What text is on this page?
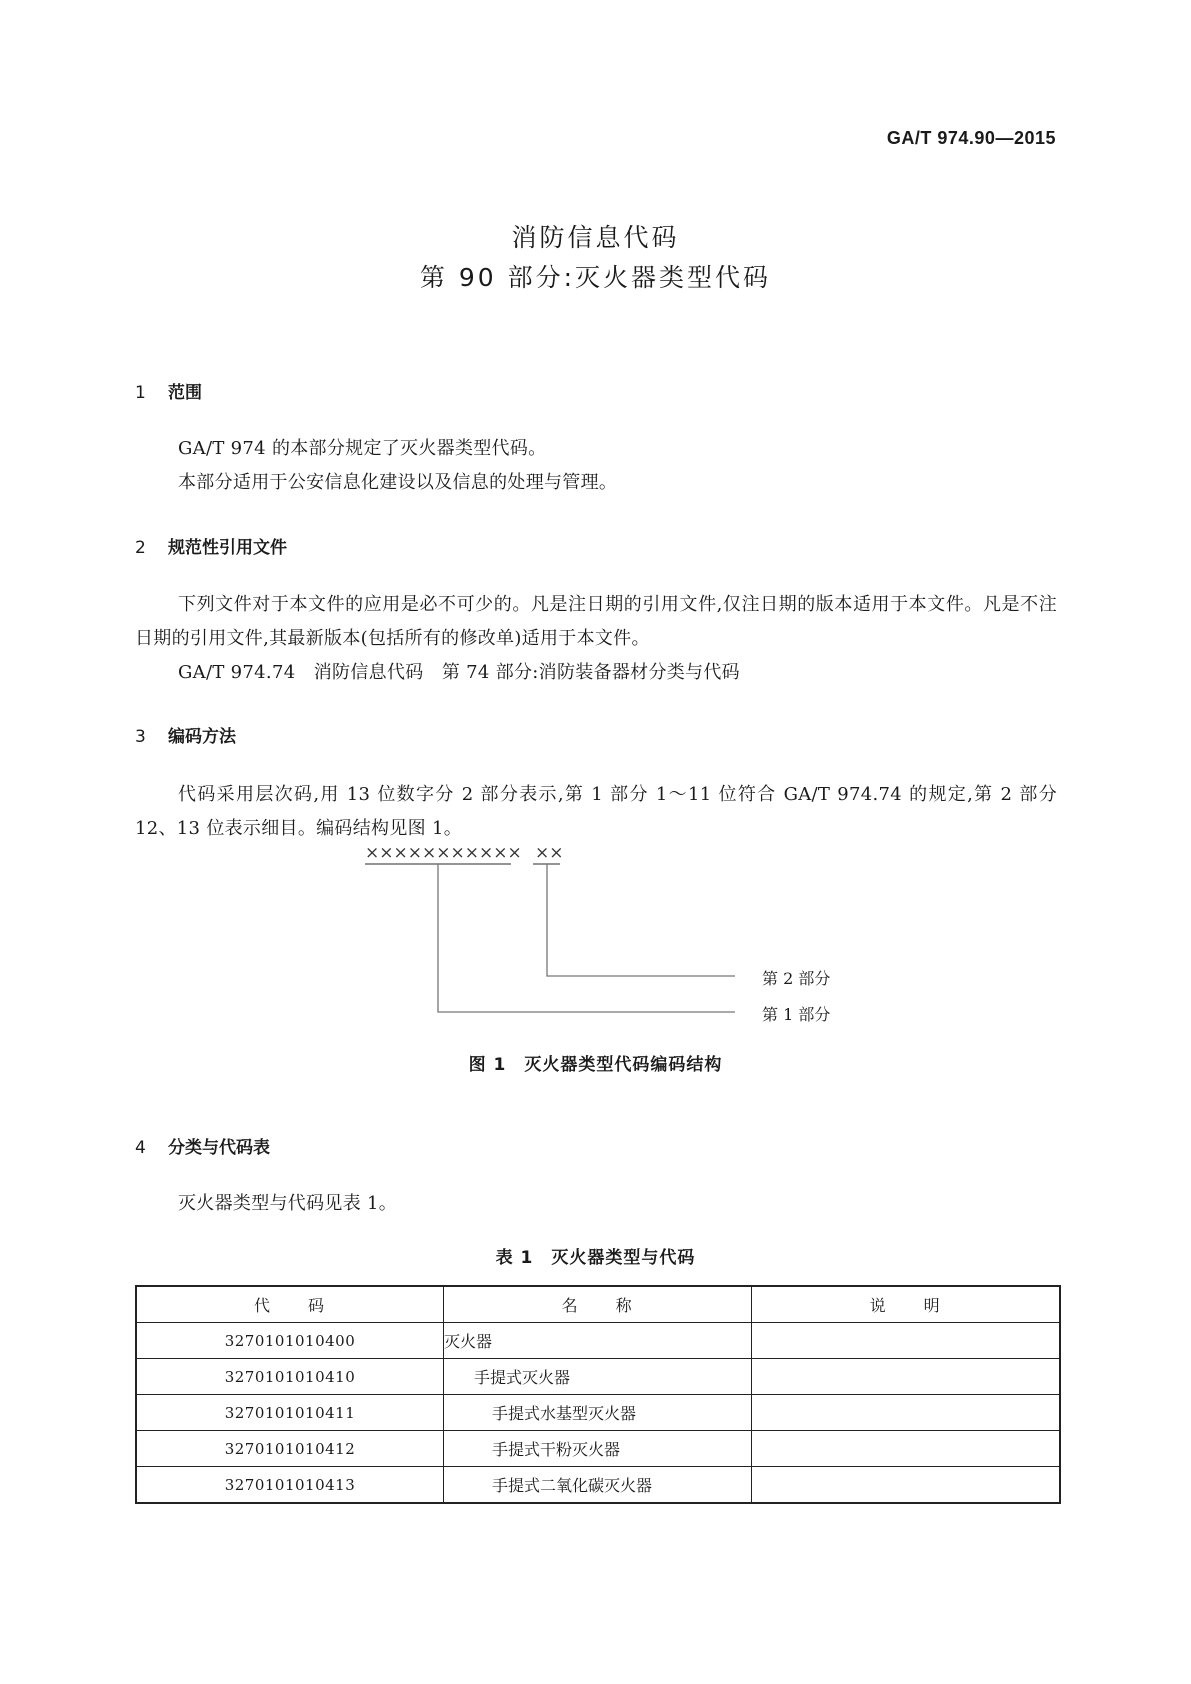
GA/T 974.90—2015
消防信息代码
第 90 部分:灭火器类型代码
1 范围
GA/T 974 的本部分规定了灭火器类型代码。
本部分适用于公安信息化建设以及信息的处理与管理。
2 规范性引用文件
下列文件对于本文件的应用是必不可少的。凡是注日期的引用文件,仅注日期的版本适用于本文件。凡是不注日期的引用文件,其最新版本(包括所有的修改单)适用于本文件。
GA/T 974.74　消防信息代码　第 74 部分:消防装备器材分类与代码
3 编码方法
代码采用层次码,用 13 位数字分 2 部分表示,第 1 部分 1～11 位符合 GA/T 974.74 的规定,第 2 部分 12、13 位表示细目。编码结构见图 1。
××××××××××× ××
第 2 部分
第 1 部分
图 1　灭火器类型代码编码结构
4 分类与代码表
灭火器类型与代码见表 1。
表 1　灭火器类型与代码
代　　码	名　　称	说　　明
3270101010400	灭火器	
3270101010410	手提式灭火器	
3270101010411	手提式水基型灭火器	
3270101010412	手提式干粉灭火器	
3270101010413	手提式二氧化碳灭火器	
